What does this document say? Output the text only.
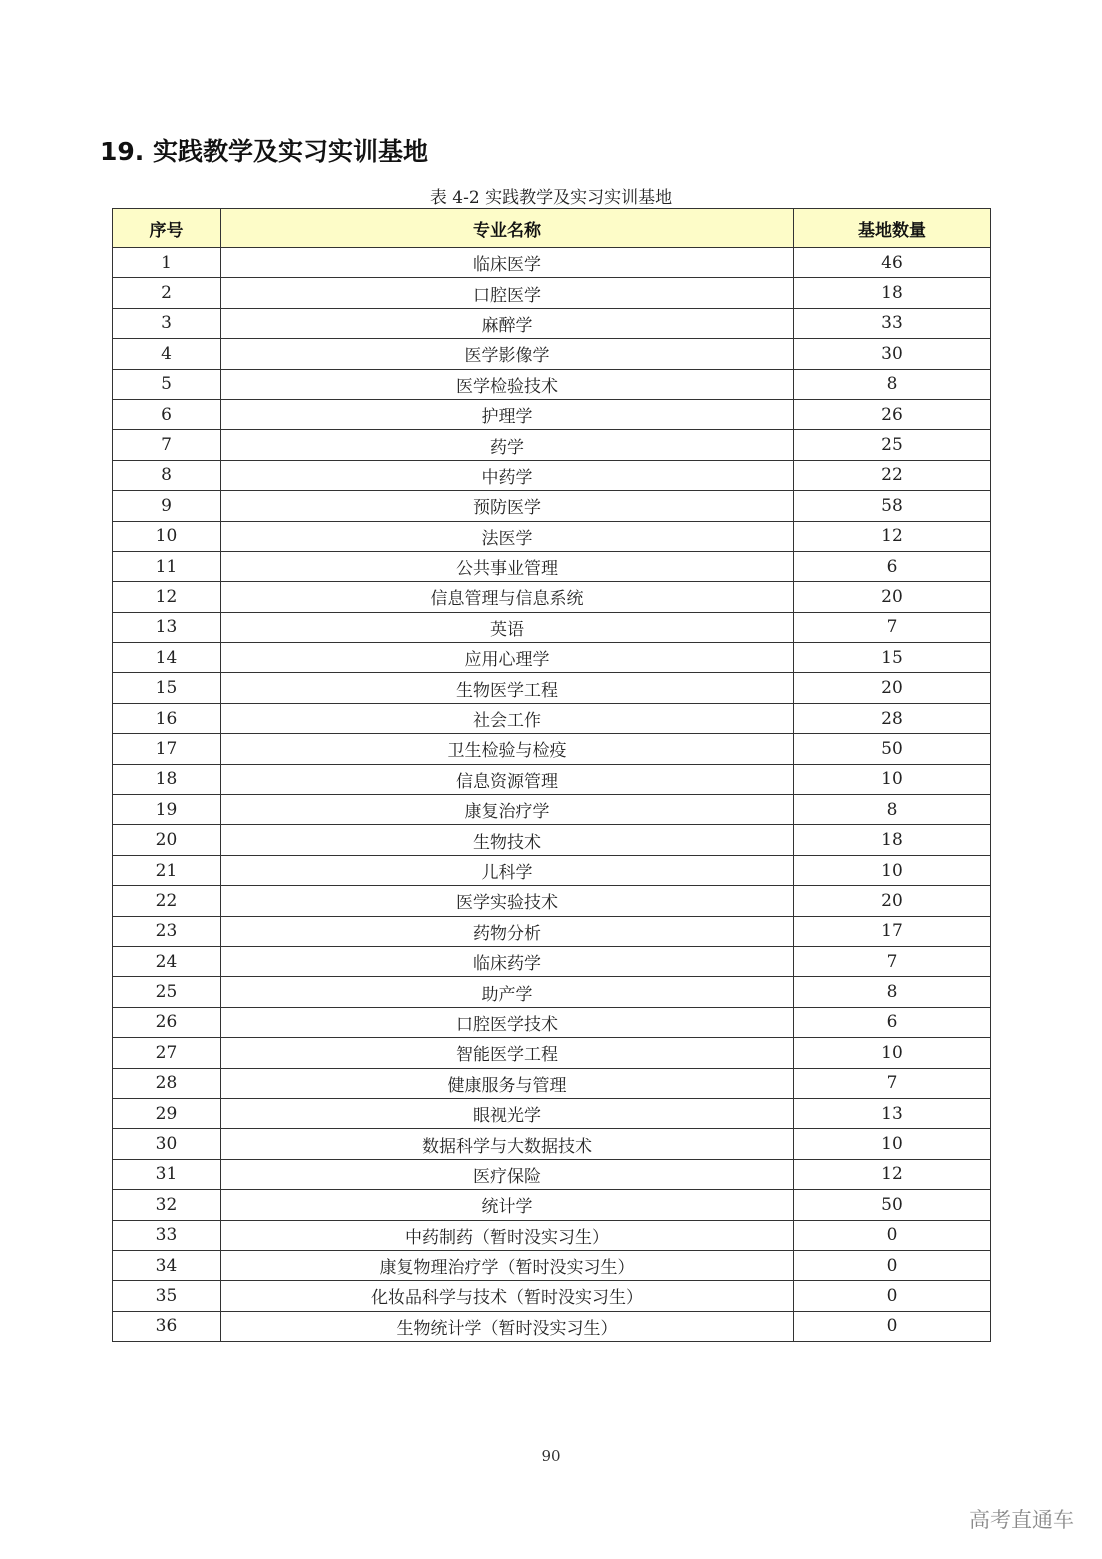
19. 实践教学及实习实训基地
表 4-2 实践教学及实习实训基地
序号	专业名称	基地数量
1	临床医学	46
2	口腔医学	18
3	麻醉学	33
4	医学影像学	30
5	医学检验技术	8
6	护理学	26
7	药学	25
8	中药学	22
9	预防医学	58
10	法医学	12
11	公共事业管理	6
12	信息管理与信息系统	20
13	英语	7
14	应用心理学	15
15	生物医学工程	20
16	社会工作	28
17	卫生检验与检疫	50
18	信息资源管理	10
19	康复治疗学	8
20	生物技术	18
21	儿科学	10
22	医学实验技术	20
23	药物分析	17
24	临床药学	7
25	助产学	8
26	口腔医学技术	6
27	智能医学工程	10
28	健康服务与管理	7
29	眼视光学	13
30	数据科学与大数据技术	10
31	医疗保险	12
32	统计学	50
33	中药制药（暂时没实习生）	0
34	康复物理治疗学（暂时没实习生）	0
35	化妆品科学与技术（暂时没实习生）	0
36	生物统计学（暂时没实习生）	0
90
高考直通车
